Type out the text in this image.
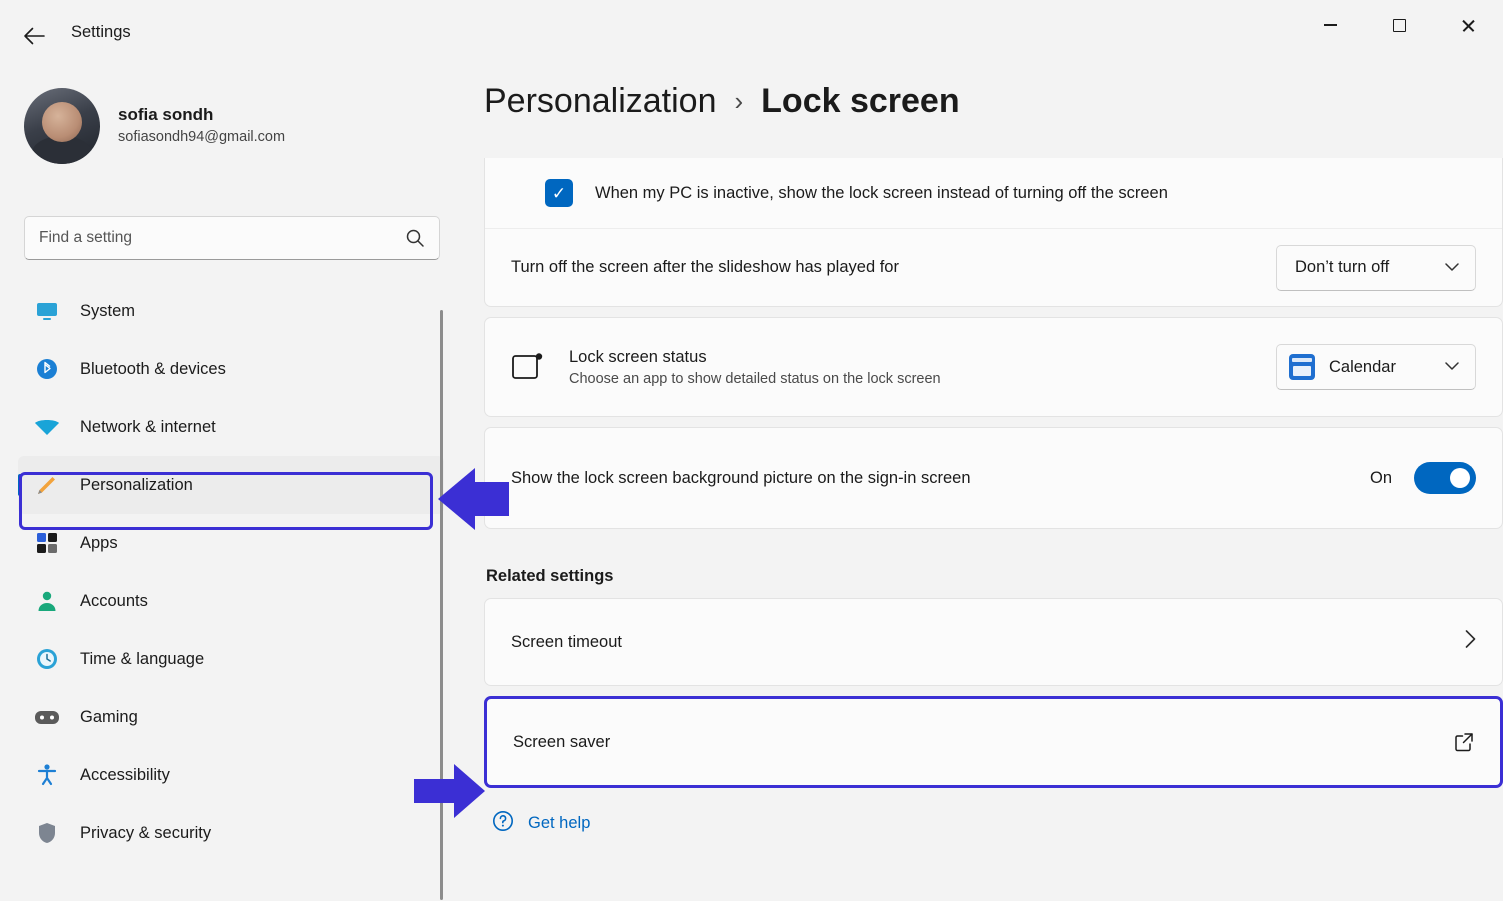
Settings
sofia sondh
sofiasondh94@gmail.com
Find a setting
System
Bluetooth & devices
Network & internet
Personalization
Apps
Accounts
Time & language
Gaming
Accessibility
Privacy & security
Personalization › Lock screen
✓ When my PC is inactive, show the lock screen instead of turning off the screen
Turn off the screen after the slideshow has played for	Don’t turn off
Lock screen status
Choose an app to show detailed status on the lock screen
Calendar
Show the lock screen background picture on the sign-in screen	On
Related settings
Screen timeout
Screen saver
Get help
